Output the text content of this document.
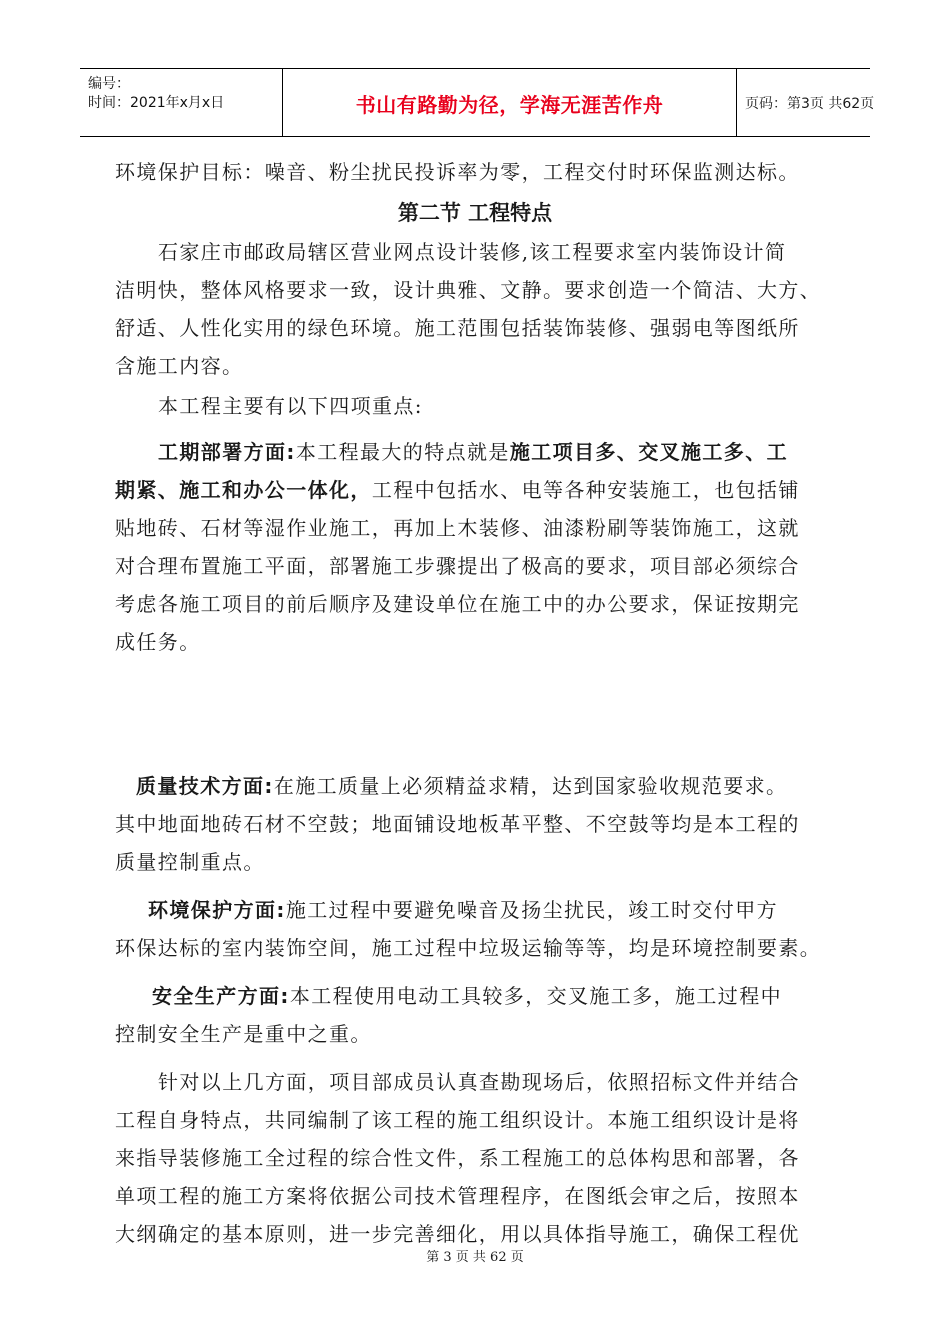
编号：
时间：2021年x月x日	书山有路勤为径，学海无涯苦作舟	页码：第3页 共62页
环境保护目标：噪音、粉尘扰民投诉率为零，工程交付时环保监测达标。
第二节 工程特点
石家庄市邮政局辖区营业网点设计装修,该工程要求室内装饰设计简
洁明快，整体风格要求一致，设计典雅、文静。要求创造一个简洁、大方、
舒适、人性化实用的绿色环境。施工范围包括装饰装修、强弱电等图纸所
含施工内容。
本工程主要有以下四项重点:
工期部署方面:本工程最大的特点就是施工项目多、交叉施工多、工
期紧、施工和办公一体化，工程中包括水、电等各种安装施工，也包括铺
贴地砖、石材等湿作业施工，再加上木装修、油漆粉刷等装饰施工，这就
对合理布置施工平面，部署施工步骤提出了极高的要求，项目部必须综合
考虑各施工项目的前后顺序及建设单位在施工中的办公要求，保证按期完
成任务。
质量技术方面:在施工质量上必须精益求精，达到国家验收规范要求。
其中地面地砖石材不空鼓；地面铺设地板革平整、不空鼓等均是本工程的
质量控制重点。
环境保护方面:施工过程中要避免噪音及扬尘扰民，竣工时交付甲方
环保达标的室内装饰空间，施工过程中垃圾运输等等，均是环境控制要素。
安全生产方面:本工程使用电动工具较多，交叉施工多，施工过程中
控制安全生产是重中之重。
针对以上几方面，项目部成员认真查勘现场后，依照招标文件并结合
工程自身特点，共同编制了该工程的施工组织设计。本施工组织设计是将
来指导装修施工全过程的综合性文件，系工程施工的总体构思和部署，各
单项工程的施工方案将依据公司技术管理程序，在图纸会审之后，按照本
大纲确定的基本原则，进一步完善细化，用以具体指导施工，确保工程优
第 3 页 共 62 页
